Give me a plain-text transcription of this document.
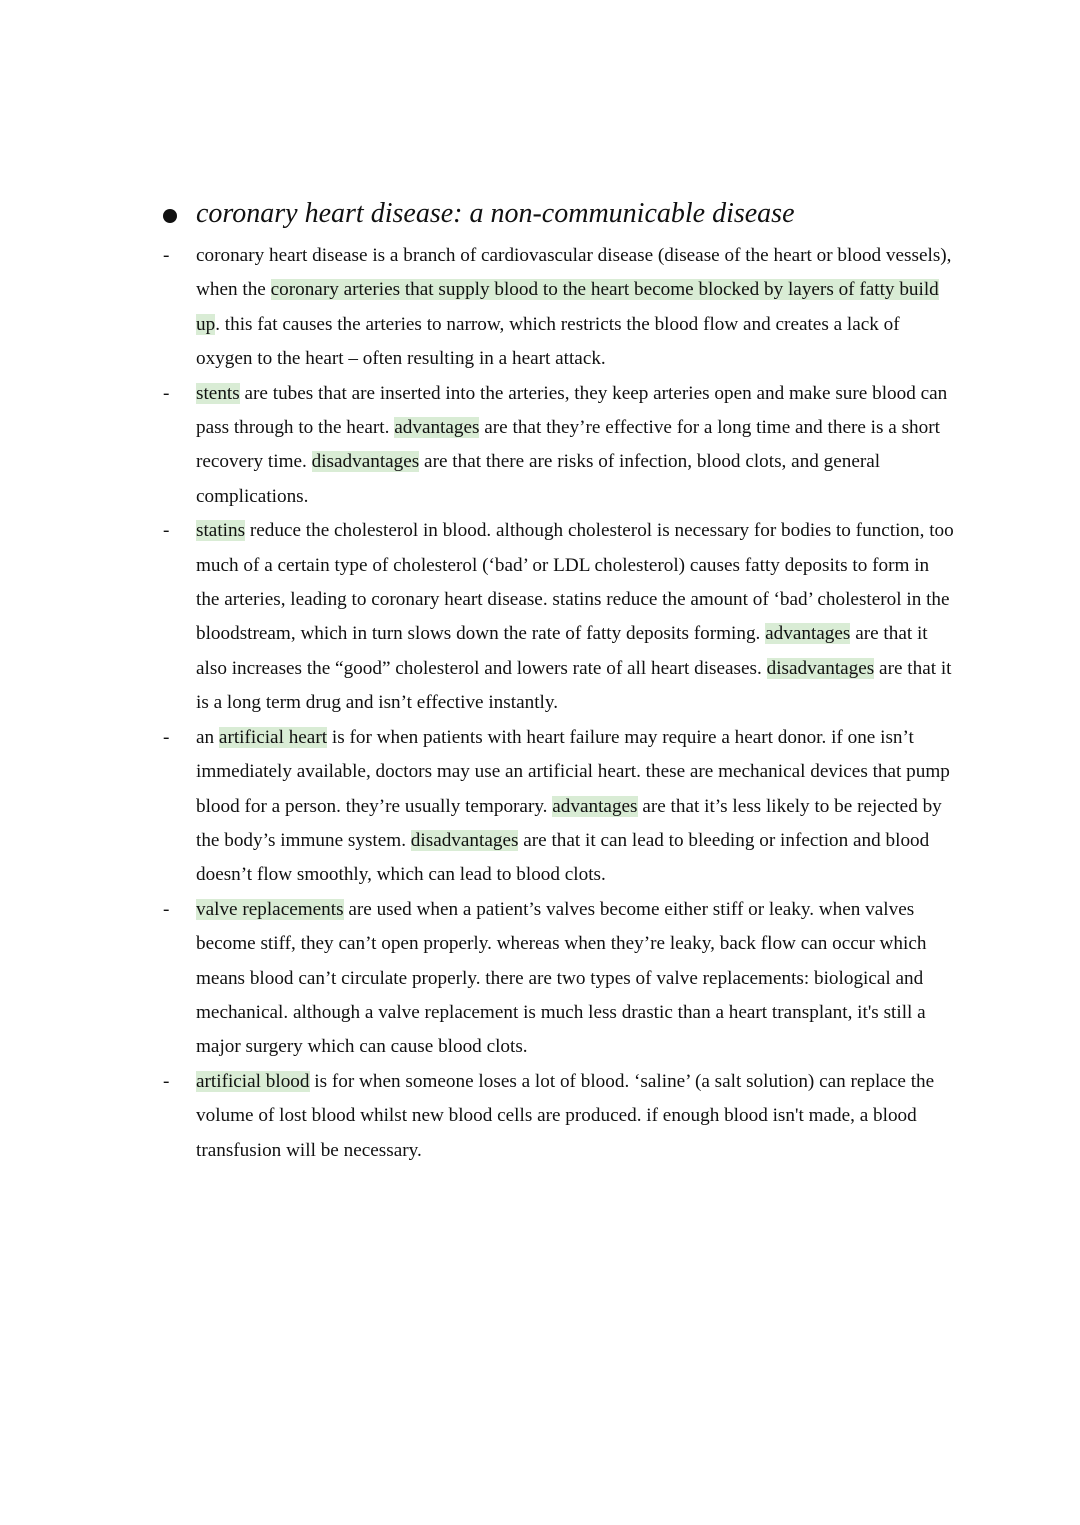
coronary heart disease: a non-communicable disease
- coronary heart disease is a branch of cardiovascular disease (disease of the heart or blood vessels), when the coronary arteries that supply blood to the heart become blocked by layers of fatty build up. this fat causes the arteries to narrow, which restricts the blood flow and creates a lack of oxygen to the heart – often resulting in a heart attack.
- stents are tubes that are inserted into the arteries, they keep arteries open and make sure blood can pass through to the heart. advantages are that they’re effective for a long time and there is a short recovery time. disadvantages are that there are risks of infection, blood clots, and general complications.
- statins reduce the cholesterol in blood. although cholesterol is necessary for bodies to function, too much of a certain type of cholesterol (‘bad’ or LDL cholesterol) causes fatty deposits to form in the arteries, leading to coronary heart disease. statins reduce the amount of ‘bad’ cholesterol in the bloodstream, which in turn slows down the rate of fatty deposits forming. advantages are that it also increases the “good” cholesterol and lowers rate of all heart diseases. disadvantages are that it is a long term drug and isn’t effective instantly.
- an artificial heart is for when patients with heart failure may require a heart donor. if one isn’t immediately available, doctors may use an artificial heart. these are mechanical devices that pump blood for a person. they’re usually temporary. advantages are that it’s less likely to be rejected by the body’s immune system. disadvantages are that it can lead to bleeding or infection and blood doesn’t flow smoothly, which can lead to blood clots.
- valve replacements are used when a patient’s valves become either stiff or leaky. when valves become stiff, they can’t open properly. whereas when they’re leaky, back flow can occur which means blood can’t circulate properly. there are two types of valve replacements: biological and mechanical. although a valve replacement is much less drastic than a heart transplant, it's still a major surgery which can cause blood clots.
- artificial blood is for when someone loses a lot of blood. ‘saline’ (a salt solution) can replace the volume of lost blood whilst new blood cells are produced. if enough blood isn't made, a blood transfusion will be necessary.
